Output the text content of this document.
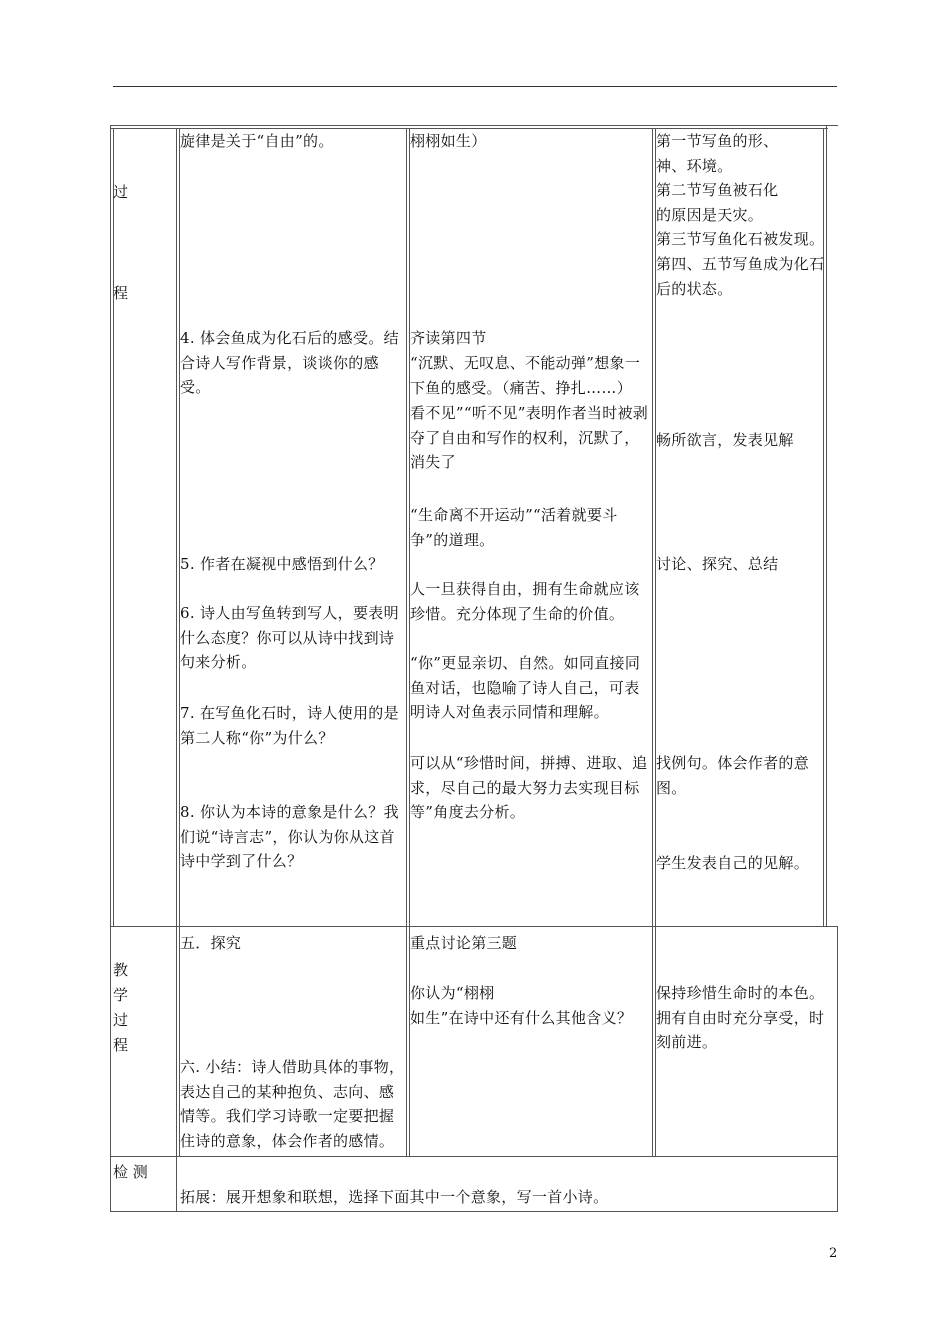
过
程

旋律是关于“自由”的。

4. 体会鱼成为化石后的感受。结合诗人写作背景，谈谈你的感受。
5. 作者在凝视中感悟到什么？
6. 诗人由写鱼转到写人，要表明什么态度？你可以从诗中找到诗句来分析。
7. 在写鱼化石时，诗人使用的是第二人称“你”为什么？
8. 你认为本诗的意象是什么？我们说“诗言志”，你认为你从这首诗中学到了什么？
栩栩如生）
齐读第四节
“沉默、无叹息、不能动弹”想象一下鱼的感受。（痛苦、挣扎……）
看不见”“听不见”表明作者当时被剥夺了自由和写作的权利，沉默了，消失了
“生命离不开运动”“活着就要斗争”的道理。
人一旦获得自由，拥有生命就应该珍惜。充分体现了生命的价值。
“你”更显亲切、自然。如同直接同鱼对话，也隐喻了诗人自己，可表明诗人对鱼表示同情和理解。
可以从“珍惜时间，拼搏、进取、追求，尽自己的最大努力去实现目标等”角度去分析。

第一节写鱼的形、

神、环境。

第二节写鱼被石化

的原因是天灾。

第三节写鱼化石被发现。

第四、五节写鱼成为化石后的状态。

畅所欲言，发表见解
讨论、探究、总结
找例句。体会作者的意图。
学生发表自己的见解。
教
学
过
程
五．探究
六. 小结：诗人借助具体的事物，表达自己的某种抱负、志向、感情等。我们学习诗歌一定要把握住诗的意象，体会作者的感情。
重点讨论第三题
你认为“栩栩
如生”在诗中还有什么其他含义？
保持珍惜生命时的本色。拥有自由时充分享受，时刻前进。
检 测
拓展：展开想象和联想，选择下面其中一个意象，写一首小诗。
2
